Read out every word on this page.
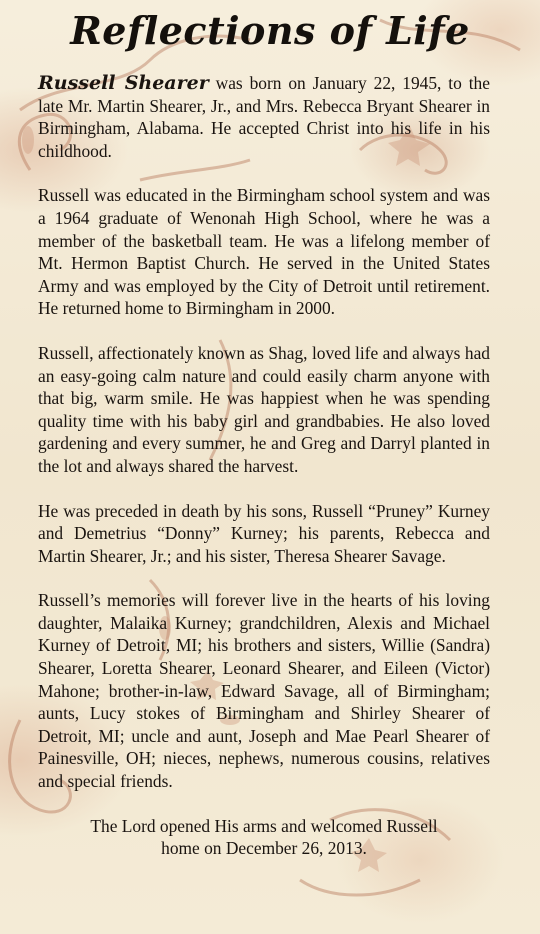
Reflections of Life

Russell Shearer was born on January 22, 1945, to the late Mr. Martin Shearer, Jr., and Mrs. Rebecca Bryant Shearer in Birmingham, Alabama. He accepted Christ into his life in his childhood.

Russell was educated in the Birmingham school system and was a 1964 graduate of Wenonah High School, where he was a member of the basketball team. He was a lifelong member of Mt. Hermon Baptist Church. He served in the United States Army and was employed by the City of Detroit until retirement. He returned home to Birmingham in 2000.

Russell, affectionately known as Shag, loved life and always had an easy-going calm nature and could easily charm anyone with that big, warm smile. He was happiest when he was spending quality time with his baby girl and grandbabies. He also loved gardening and every summer, he and Greg and Darryl planted in the lot and always shared the harvest.

He was preceded in death by his sons, Russell “Pruney” Kurney and Demetrius “Donny” Kurney; his parents, Rebecca and Martin Shearer, Jr.; and his sister, Theresa Shearer Savage.

Russell’s memories will forever live in the hearts of his loving daughter, Malaika Kurney; grandchildren, Alexis and Michael Kurney of Detroit, MI; his brothers and sisters, Willie (Sandra) Shearer, Loretta Shearer, Leonard Shearer, and Eileen (Victor) Mahone; brother-in-law, Edward Savage, all of Birmingham; aunts, Lucy stokes of Birmingham and Shirley Shearer of Detroit, MI; uncle and aunt, Joseph and Mae Pearl Shearer of Painesville, OH; nieces, nephews, numerous cousins, relatives and special friends.

The Lord opened His arms and welcomed Russell
home on December 26, 2013.
